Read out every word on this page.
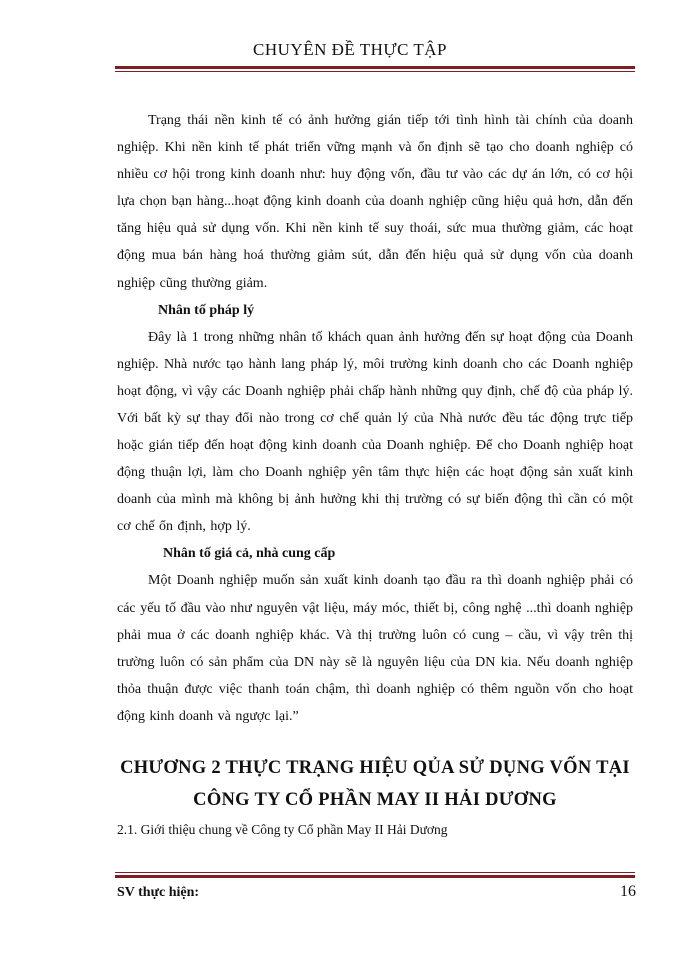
CHUYÊN ĐỀ THỰC TẬP

Trạng thái nền kinh tế có ảnh hưởng gián tiếp tới tình hình tài chính của doanh nghiệp. Khi nền kinh tế phát triển vững mạnh và ổn định sẽ tạo cho doanh nghiệp có nhiều cơ hội trong kinh doanh như: huy động vốn, đầu tư vào các dự án lớn, có cơ hội lựa chọn bạn hàng...hoạt động kinh doanh của doanh nghiệp cũng hiệu quả hơn, dẫn đến tăng hiệu quả sử dụng vốn. Khi nền kinh tế suy thoái, sức mua thường giảm, các hoạt động mua bán hàng hoá thường giảm sút, dẫn đến hiệu quả sử dụng vốn của doanh nghiệp cũng thường giảm.

Nhân tố pháp lý

Đây là 1 trong những nhân tố khách quan ảnh hưởng đến sự hoạt động của Doanh nghiệp. Nhà nước tạo hành lang pháp lý, môi trường kinh doanh cho các Doanh nghiệp hoạt động, vì vậy các Doanh nghiệp phải chấp hành những quy định, chế độ của pháp lý. Với bất kỳ sự thay đổi nào trong cơ chế quản lý của Nhà nước đều tác động trực tiếp hoặc gián tiếp đến hoạt động kinh doanh của Doanh nghiệp. Để cho Doanh nghiệp hoạt động thuận lợi, làm cho Doanh nghiệp yên tâm thực hiện các hoạt động sản xuất kinh doanh của mình mà không bị ảnh hưởng khi thị trường có sự biến động thì cần có một cơ chế ổn định, hợp lý.

Nhân tố giá cả, nhà cung cấp

Một Doanh nghiệp muốn sản xuất kinh doanh tạo đầu ra thì doanh nghiệp phải có các yếu tố đầu vào như nguyên vật liệu, máy móc, thiết bị, công nghệ ...thì doanh nghiệp phải mua ở các doanh nghiệp khác. Và thị trường luôn có cung – cầu, vì vậy trên thị trường luôn có sản phẩm của DN này sẽ là nguyên liệu của DN kia. Nếu doanh nghiệp thỏa thuận được việc thanh toán chậm, thì doanh nghiệp có thêm nguồn vốn cho hoạt động kinh doanh và ngược lại.”

CHƯƠNG 2 THỰC TRẠNG HIỆU QỦA SỬ DỤNG VỐN TẠI
CÔNG TY CỔ PHẦN MAY II HẢI DƯƠNG

2.1. Giới thiệu chung về Công ty Cổ phần May II Hải Dương

SV thực hiện:	16
